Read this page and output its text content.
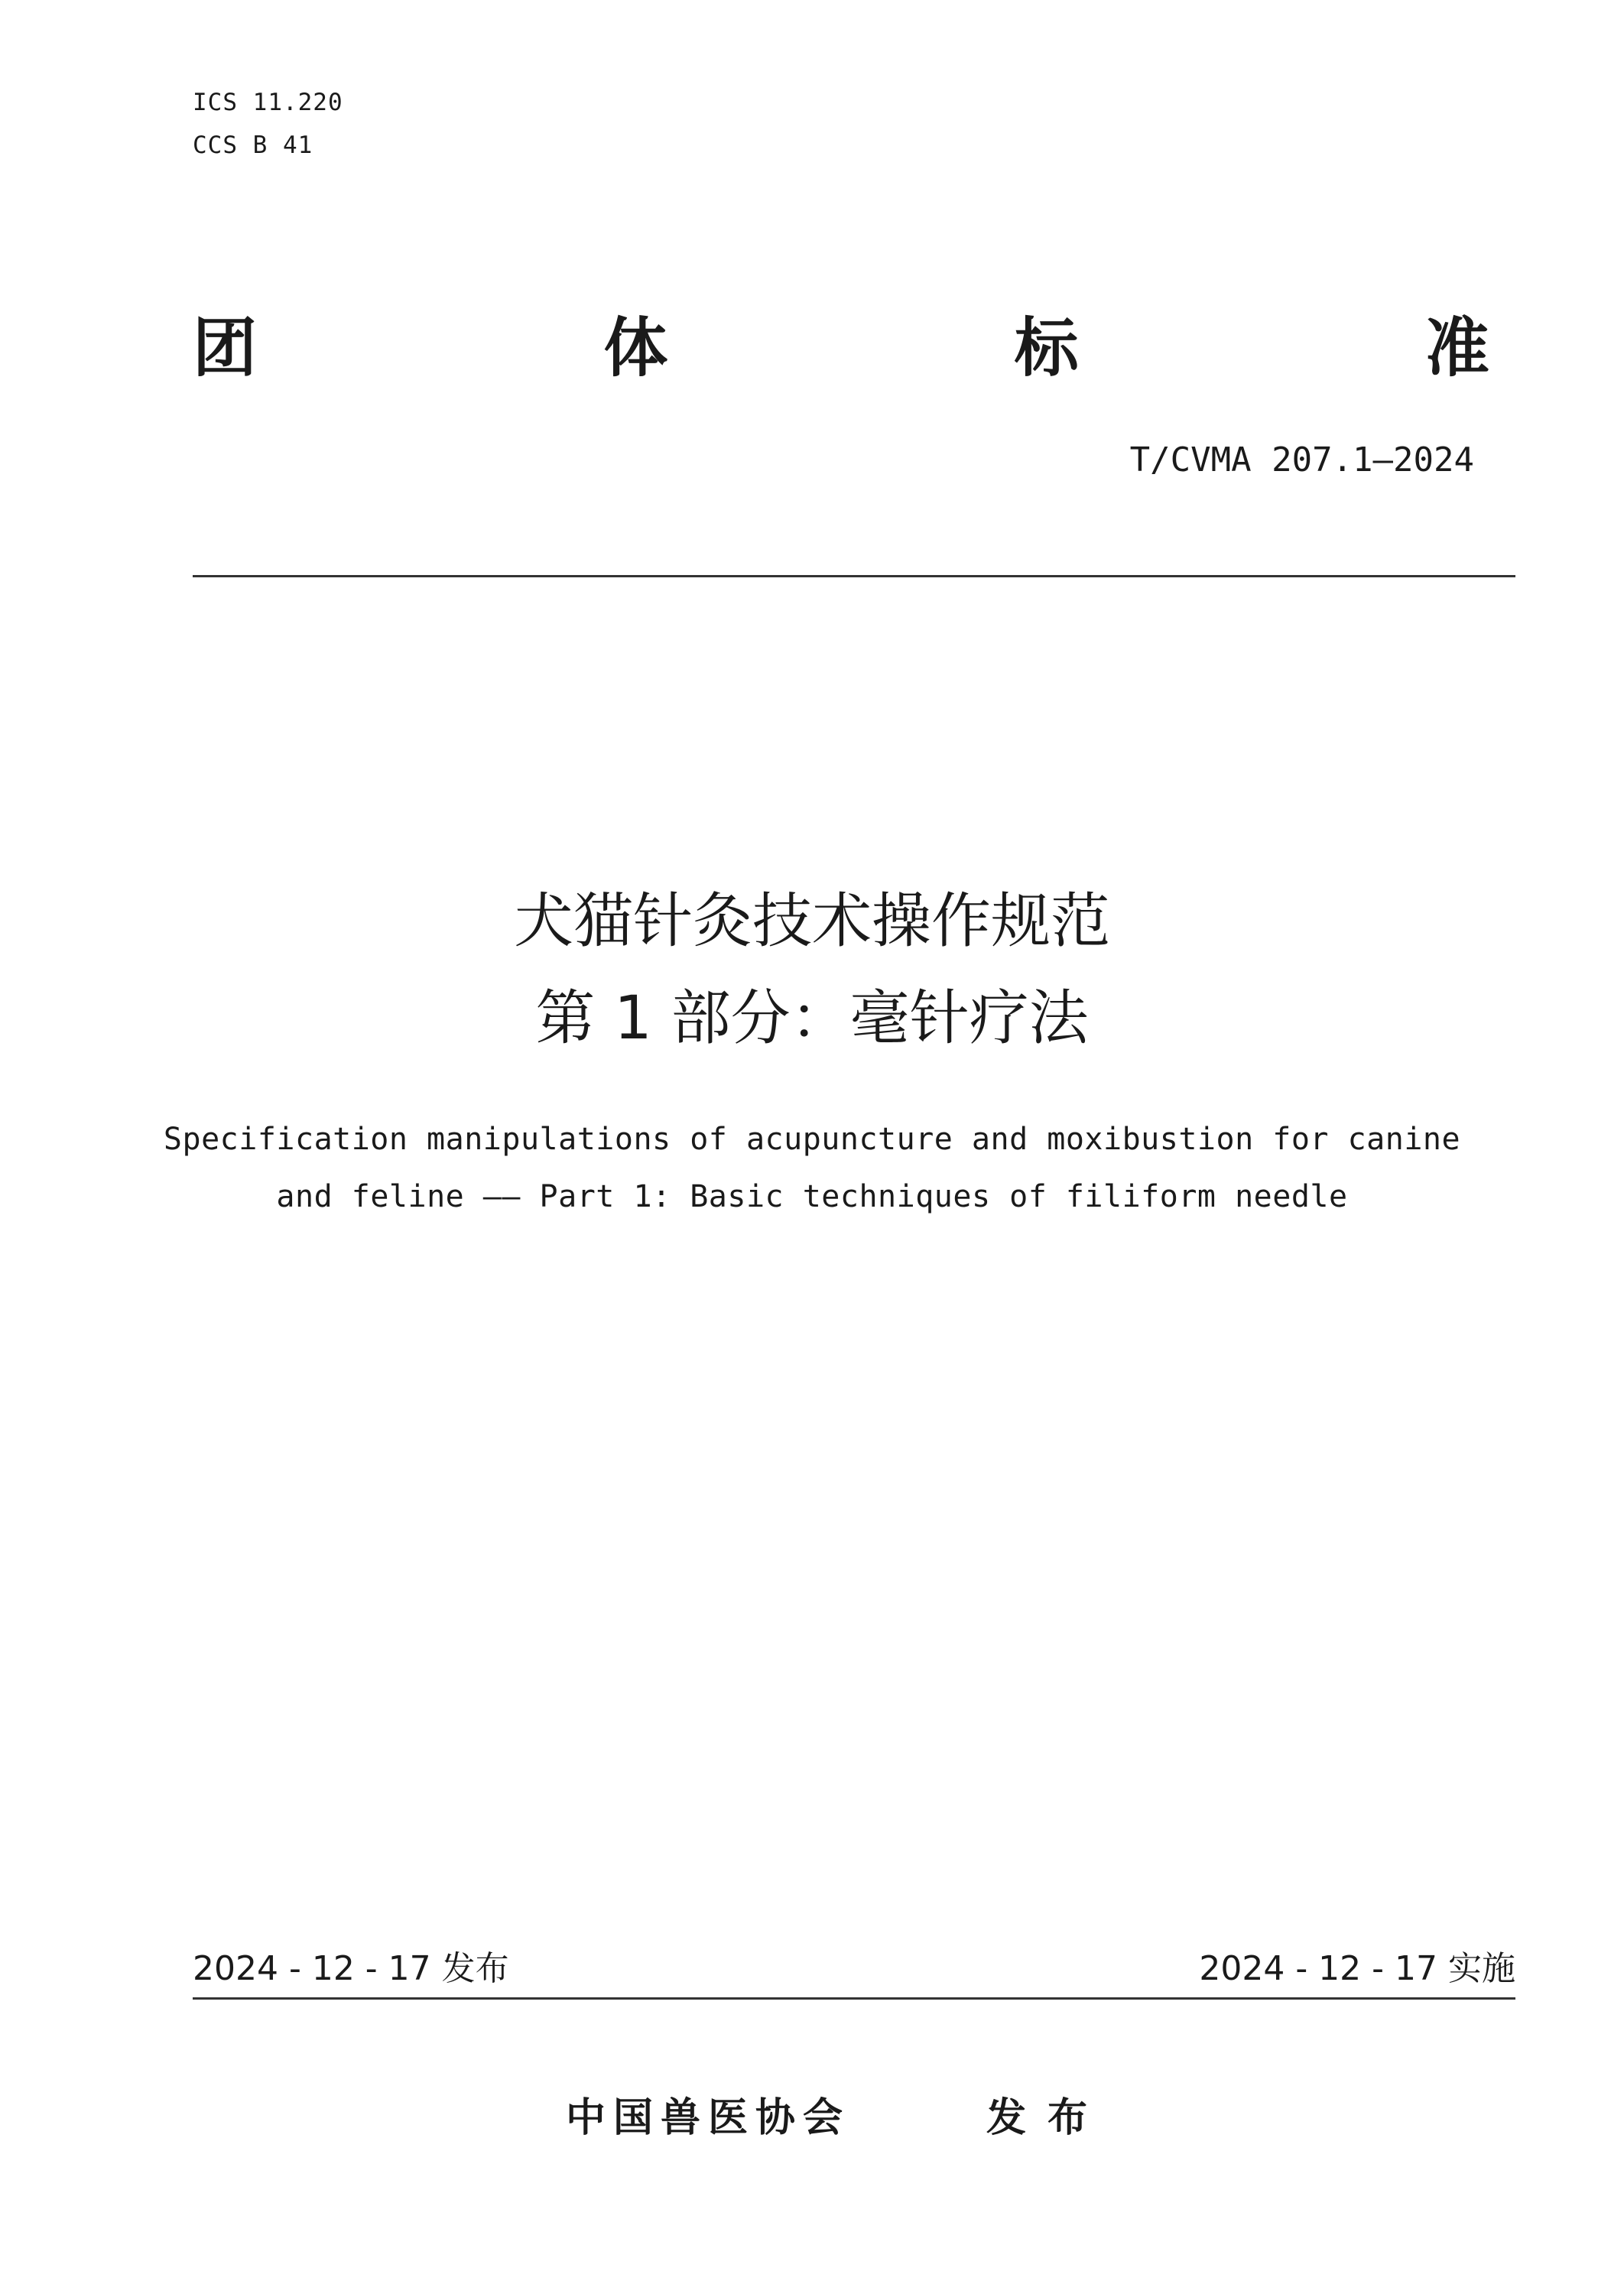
ICS 11.220
CCS B 41
团	体	标	准
T/CVMA 207.1—2024
犬猫针灸技术操作规范
第 1 部分：毫针疗法
Specification manipulations of acupuncture and moxibustion for canine
and feline —— Part 1: Basic techniques of filiform needle
2024 - 12 - 17 发布	2024 - 12 - 17 实施
中国兽医协会	发布
